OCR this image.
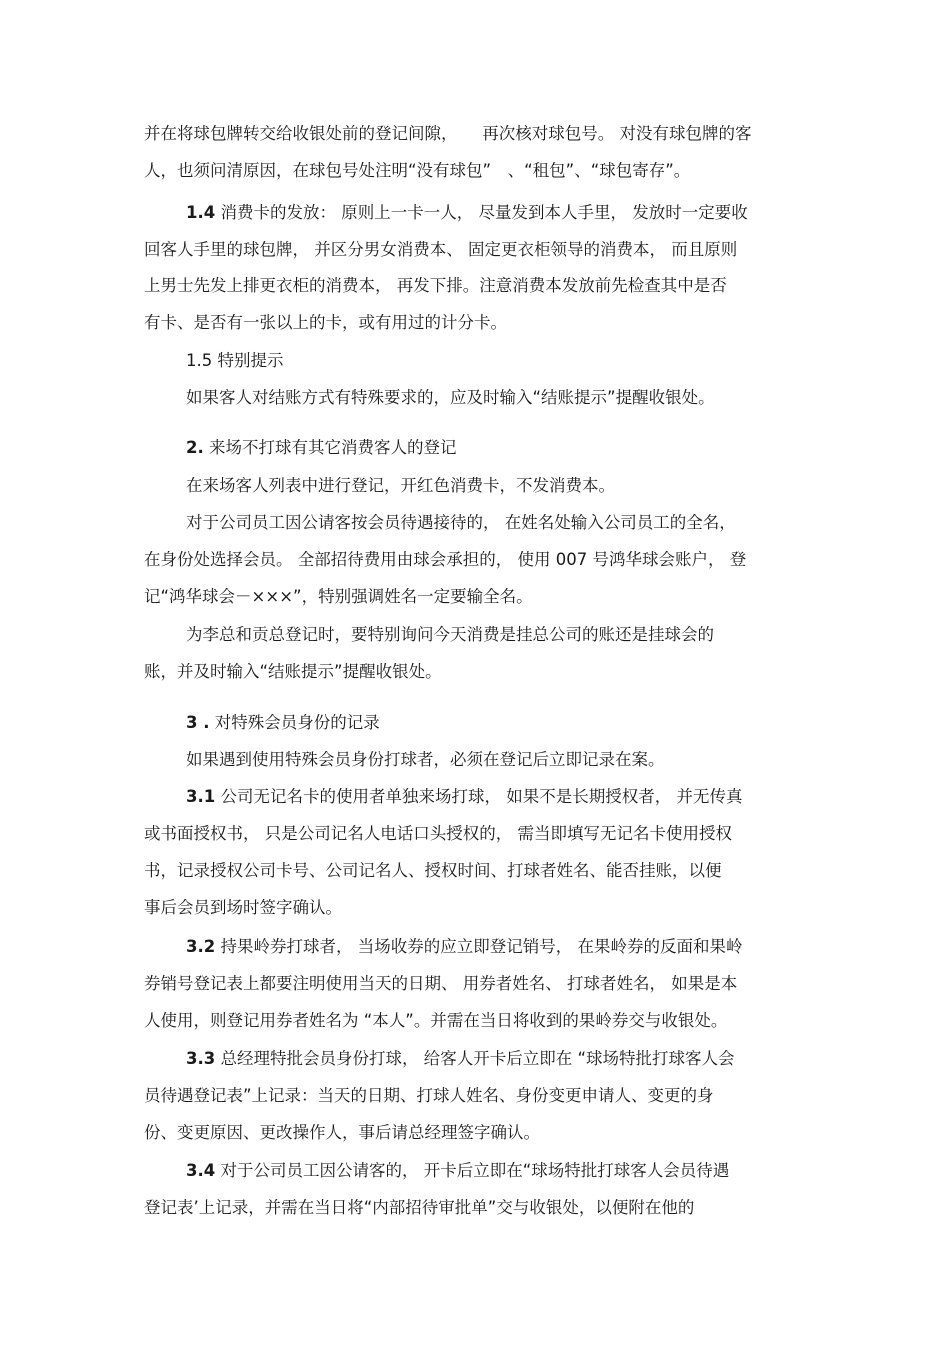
并在将球包牌转交给收银处前的登记间隙，　　再次核对球包号。 对没有球包牌的客

人，也须问清原因，在球包号处注明“没有球包”　、“租包”、“球包寄存”。

1.4 消费卡的发放： 原则上一卡一人， 尽量发到本人手里， 发放时一定要收

回客人手里的球包牌， 并区分男女消费本、 固定更衣柜领导的消费本， 而且原则

上男士先发上排更衣柜的消费本， 再发下排。注意消费本发放前先检查其中是否

有卡、是否有一张以上的卡，或有用过的计分卡。

1.5 特别提示

如果客人对结账方式有特殊要求的，应及时输入“结账提示”提醒收银处。

2. 来场不打球有其它消费客人的登记

在来场客人列表中进行登记，开红色消费卡，不发消费本。

对于公司员工因公请客按会员待遇接待的， 在姓名处输入公司员工的全名，

在身份处选择会员。 全部招待费用由球会承担的， 使用 007 号鸿华球会账户， 登

记“鸿华球会－×××”，特别强调姓名一定要输全名。

为李总和贡总登记时，要特别询问今天消费是挂总公司的账还是挂球会的

账，并及时输入“结账提示”提醒收银处。

3 . 对特殊会员身份的记录

如果遇到使用特殊会员身份打球者，必须在登记后立即记录在案。

3.1 公司无记名卡的使用者单独来场打球， 如果不是长期授权者， 并无传真

或书面授权书， 只是公司记名人电话口头授权的， 需当即填写无记名卡使用授权

书，记录授权公司卡号、公司记名人、授权时间、打球者姓名、能否挂账，以便

事后会员到场时签字确认。

3.2 持果岭券打球者， 当场收券的应立即登记销号， 在果岭券的反面和果岭

券销号登记表上都要注明使用当天的日期、 用券者姓名、 打球者姓名， 如果是本

人使用，则登记用券者姓名为 “本人”。并需在当日将收到的果岭券交与收银处。

3.3 总经理特批会员身份打球， 给客人开卡后立即在 “球场特批打球客人会

员待遇登记表”上记录：当天的日期、打球人姓名、身份变更申请人、变更的身

份、变更原因、更改操作人，事后请总经理签字确认。

3.4 对于公司员工因公请客的， 开卡后立即在“球场特批打球客人会员待遇

登记表’上记录，并需在当日将“内部招待审批单”交与收银处，以便附在他的
